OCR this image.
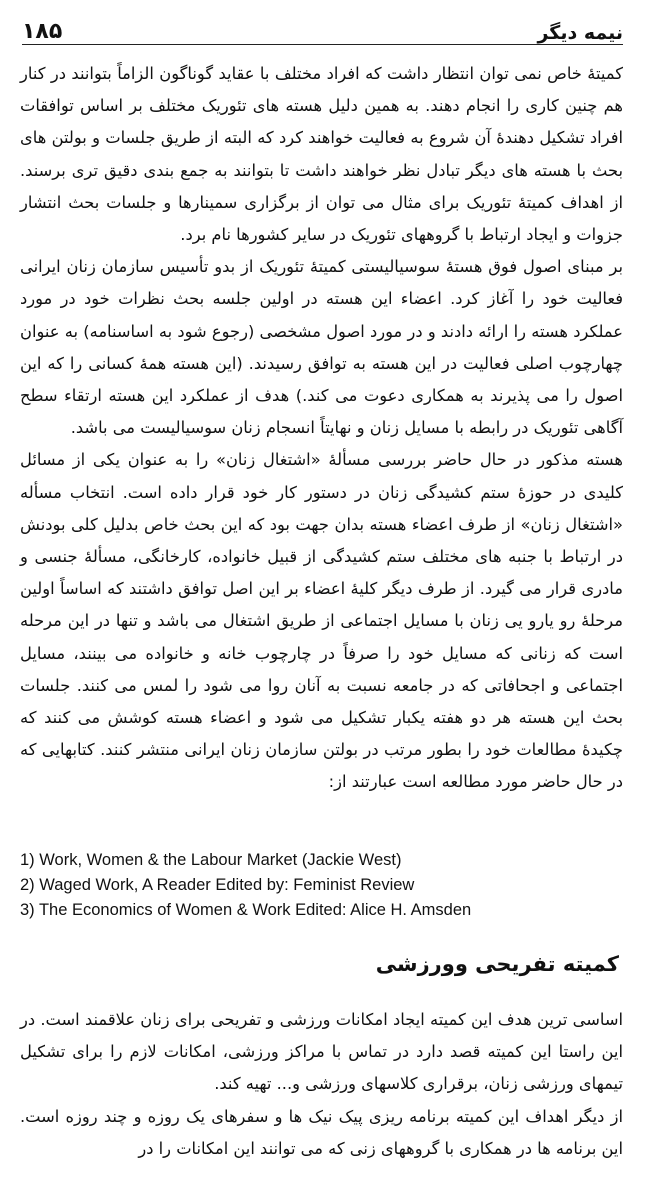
۱۸۵	نیمه دیگر

کمیتهٔ خاص نمی توان انتظار داشت که افراد مختلف با عقاید گوناگون الزاماً بتوانند در کنار هم چنین کاری را انجام دهند. به همین دلیل هسته های تئوریک مختلف بر اساس توافقات افراد تشکیل دهندهٔ آن شروع به فعالیت خواهند کرد که البته از طریق جلسات و بولتن های بحث با هسته های دیگر تبادل نظر خواهند داشت تا بتوانند به جمع بندی دقیق تری برسند. از اهداف کمیتهٔ تئوریک برای مثال می توان از برگزاری سمینارها و جلسات بحث انتشار جزوات و ایجاد ارتباط با گروههای تئوریک در سایر کشورها نام برد.

بر مبنای اصول فوق هستهٔ سوسیالیستی کمیتهٔ تئوریک از بدو تأسیس سازمان زنان ایرانی فعالیت خود را آغاز کرد. اعضاء این هسته در اولین جلسه بحث نظرات خود در مورد عملکرد هسته را ارائه دادند و در مورد اصول مشخصی (رجوع شود به اساسنامه) به عنوان چهارچوب اصلی فعالیت در این هسته به توافق رسیدند. (این هسته همهٔ کسانی را که این اصول را می پذیرند به همکاری دعوت می کند.) هدف از عملکرد این هسته ارتقاء سطح آگاهی تئوریک در رابطه با مسایل زنان و نهایتاً انسجام زنان سوسیالیست می باشد.

هسته مذکور در حال حاضر بررسی مسألهٔ «اشتغال زنان» را به عنوان یکی از مسائل کلیدی در حوزهٔ ستم کشیدگی زنان در دستور کار خود قرار داده است. انتخاب مسأله «اشتغال زنان» از طرف اعضاء هسته بدان جهت بود که این بحث خاص بدلیل کلی بودنش در ارتباط با جنبه های مختلف ستم کشیدگی از قبیل خانواده، کارخانگی، مسألهٔ جنسی و مادری قرار می گیرد. از طرف دیگر کلیهٔ اعضاء بر این اصل توافق داشتند که اساساً اولین مرحلهٔ رو یارو یی زنان با مسایل اجتماعی از طریق اشتغال می باشد و تنها در این مرحله است که زنانی که مسایل خود را صرفاً در چارچوب خانه و خانواده می بینند، مسایل اجتماعی و اجحافاتی که در جامعه نسبت به آنان روا می شود را لمس می کنند. جلسات بحث این هسته هر دو هفته یکبار تشکیل می شود و اعضاء هسته کوشش می کنند که چکیدهٔ مطالعات خود را بطور مرتب در بولتن سازمان زنان ایرانی منتشر کنند. کتابهایی که در حال حاضر مورد مطالعه است عبارتند از:

1) Work, Women & the Labour Market (Jackie West)
2) Waged Work, A Reader Edited by: Feminist Review
3) The Economics of Women & Work Edited: Alice H. Amsden
کمیته تفریحی وورزشی

اساسی ترین هدف این کمیته ایجاد امکانات ورزشی و تفریحی برای زنان علاقمند است. در این راستا این کمیته قصد دارد در تماس با مراکز ورزشی، امکانات لازم را برای تشکیل تیمهای ورزشی زنان، برقراری کلاسهای ورزشی و... تهیه کند.

از دیگر اهداف این کمیته برنامه ریزی پیک نیک ها و سفرهای یک روزه و چند روزه است. این برنامه ها در همکاری با گروههای زنی که می توانند این امکانات را در
